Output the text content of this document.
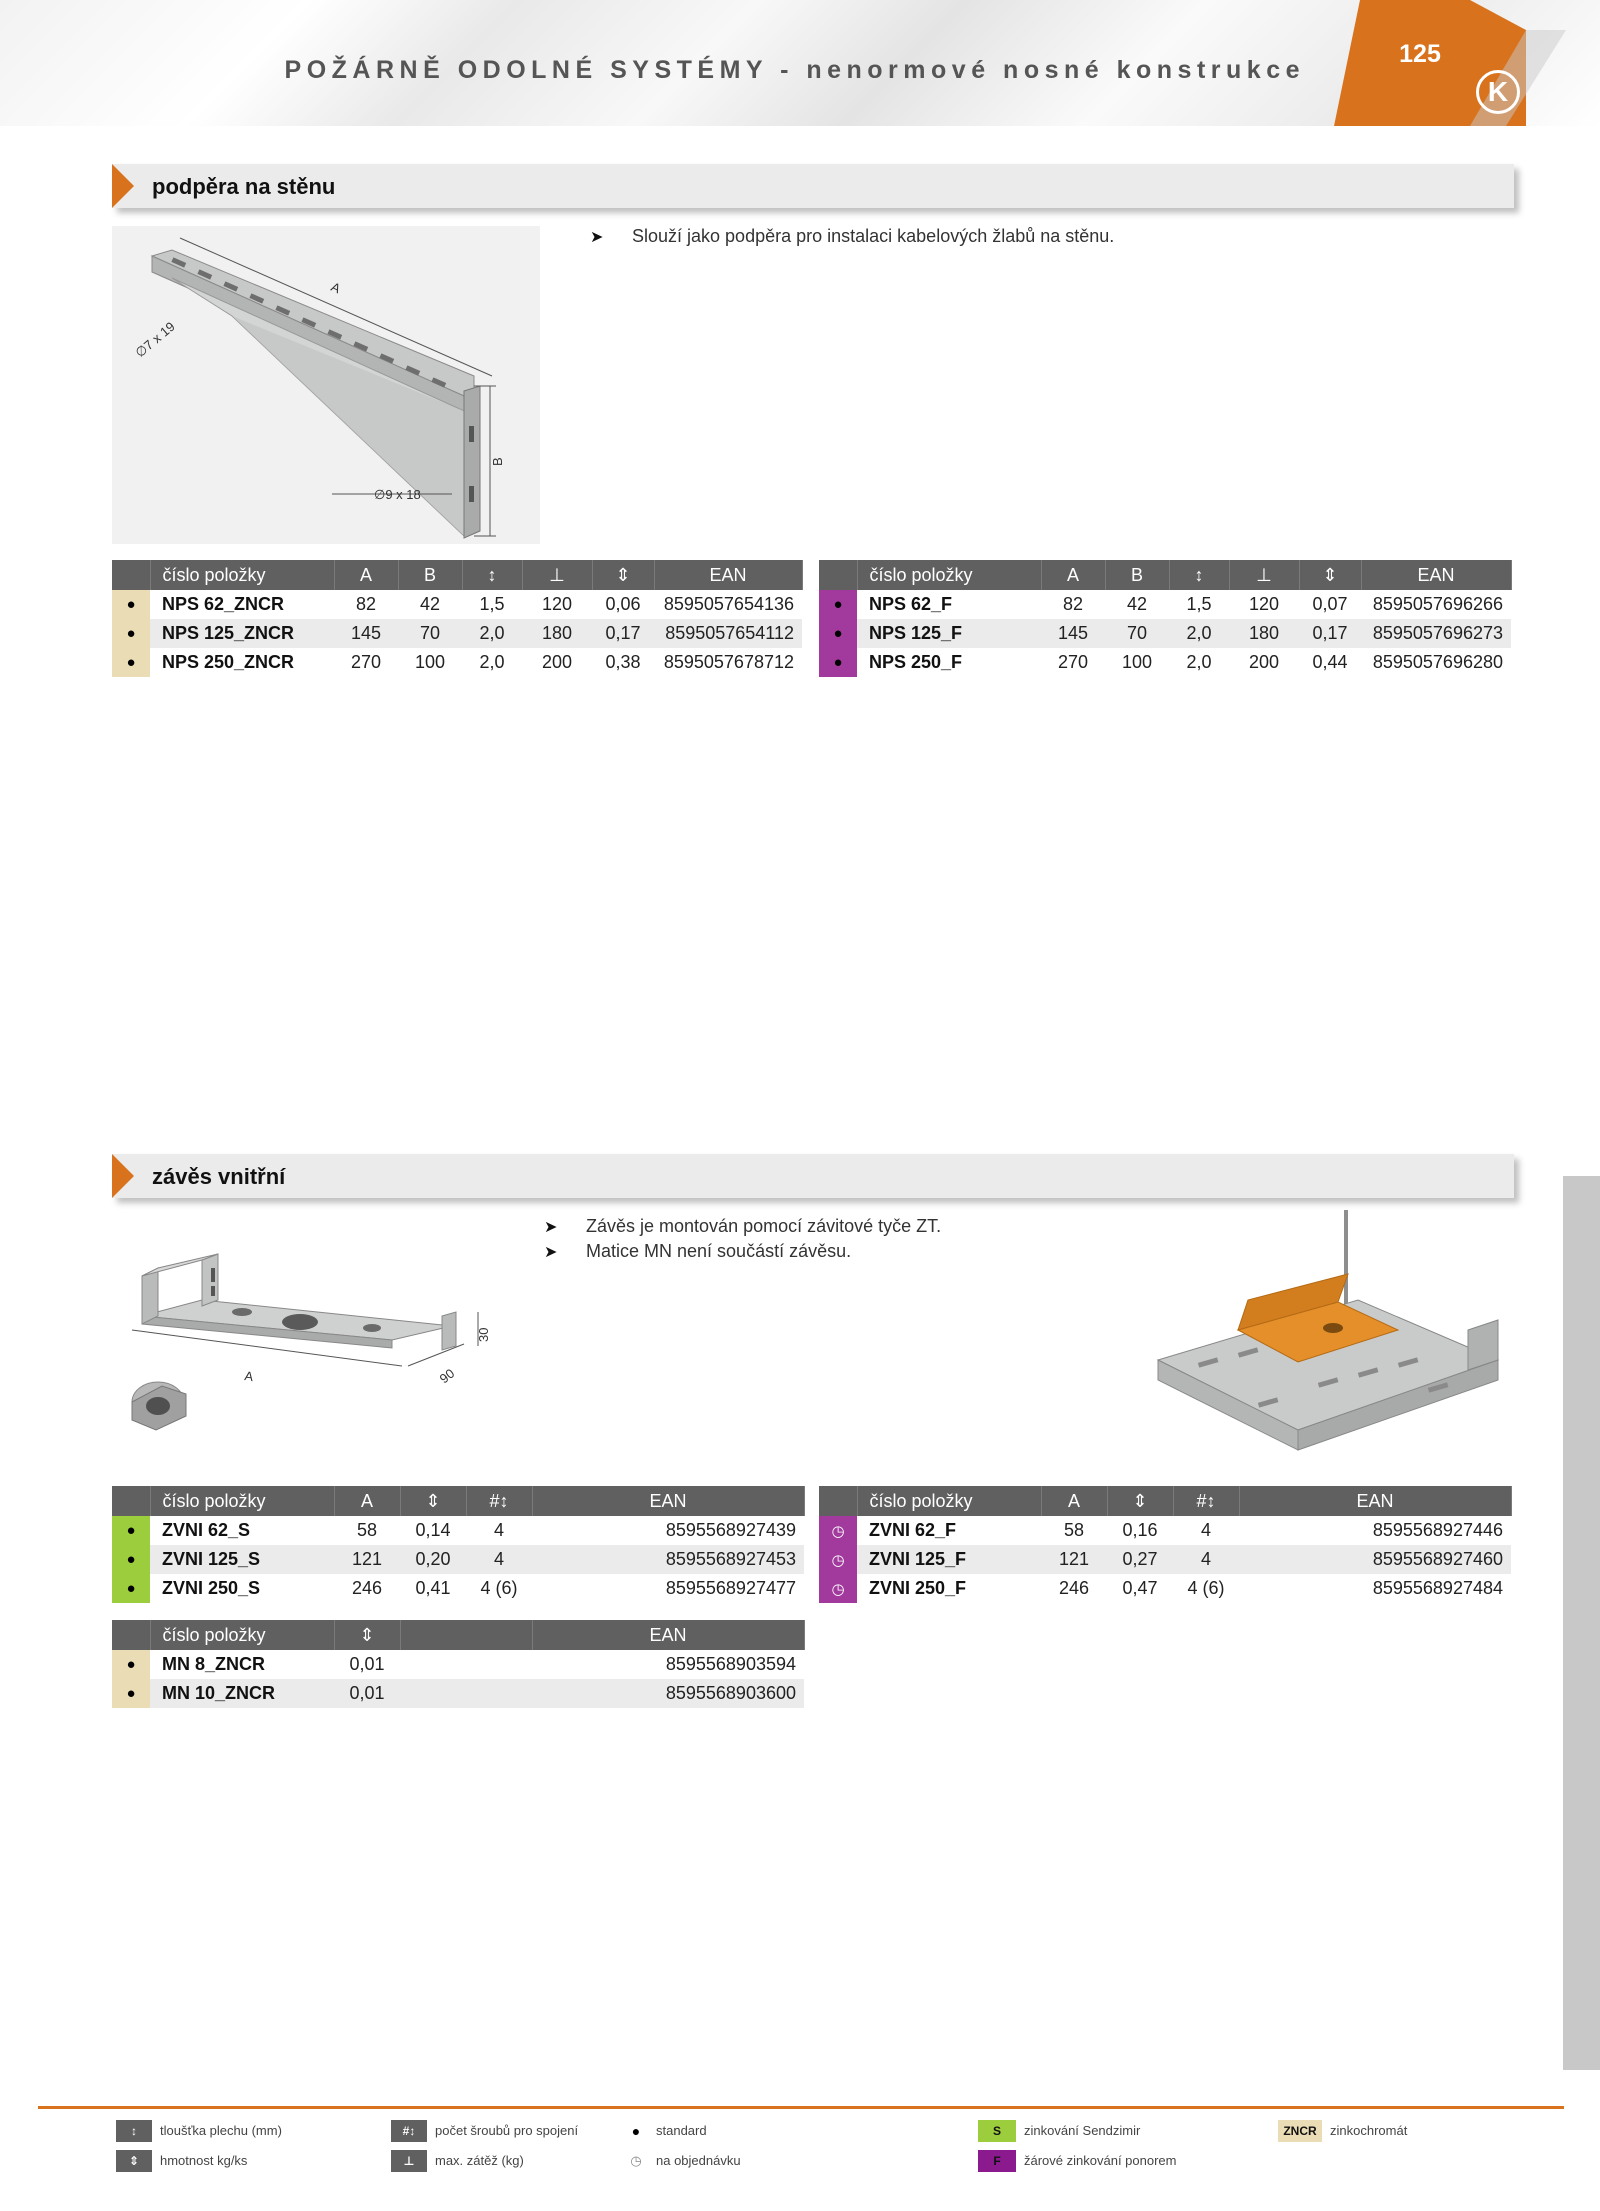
POŽÁRNĚ ODOLNÉ SYSTÉMY - nenormové nosné konstrukce
125
K
podpěra na stěnu
A
B
∅7 x 19
∅9 x 18
➤ Slouží jako podpěra pro instalaci kabelových žlabů na stěnu.
	číslo položky	A	B	↕	⊥	⇕	EAN
●	NPS 62_ZNCR	82	42	1,5	120	0,06	8595057654136
●	NPS 125_ZNCR	145	70	2,0	180	0,17	8595057654112
●	NPS 250_ZNCR	270	100	2,0	200	0,38	8595057678712
	číslo položky	A	B	↕	⊥	⇕	EAN
●	NPS 62_F	82	42	1,5	120	0,07	8595057696266
●	NPS 125_F	145	70	2,0	180	0,17	8595057696273
●	NPS 250_F	270	100	2,0	200	0,44	8595057696280
závěs vnitřní
A
30
90
➤ Závěs je montován pomocí závitové tyče ZT.
➤ Matice MN není součástí závěsu.
	číslo položky	A	⇕	#↕	EAN
●	ZVNI 62_S	58	0,14	4	8595568927439
●	ZVNI 125_S	121	0,20	4	8595568927453
●	ZVNI 250_S	246	0,41	4 (6)	8595568927477
	číslo položky	A	⇕	#↕	EAN
◷	ZVNI 62_F	58	0,16	4	8595568927446
◷	ZVNI 125_F	121	0,27	4	8595568927460
◷	ZVNI 250_F	246	0,47	4 (6)	8595568927484
	číslo položky	⇕		EAN
●	MN 8_ZNCR	0,01		8595568903594
●	MN 10_ZNCR	0,01		8595568903600
↕ tloušťka plechu (mm)
⇕ hmotnost kg/ks
#↕ počet šroubů pro spojení
⊥ max. zátěž (kg)
● standard
◷ na objednávku
S zinkování Sendzimir
F žárové zinkování ponorem
ZNCR zinkochromát
